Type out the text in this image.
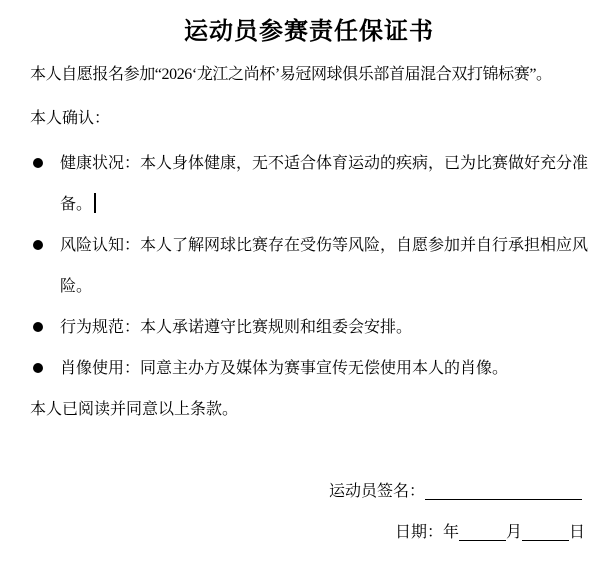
运动员参赛责任保证书

本人自愿报名参加“2026‘龙江之尚杯’易冠网球俱乐部首届混合双打锦标赛”。

本人确认：

健康状况：本人身体健康，无不适合体育运动的疾病，已为比赛做好充分准备。
风险认知：本人了解网球比赛存在受伤等风险，自愿参加并自行承担相应风险。
行为规范：本人承诺遵守比赛规则和组委会安排。
肖像使用：同意主办方及媒体为赛事宣传无偿使用本人的肖像。

本人已阅读并同意以上条款。

运动员签名：
日期：年	月	日
